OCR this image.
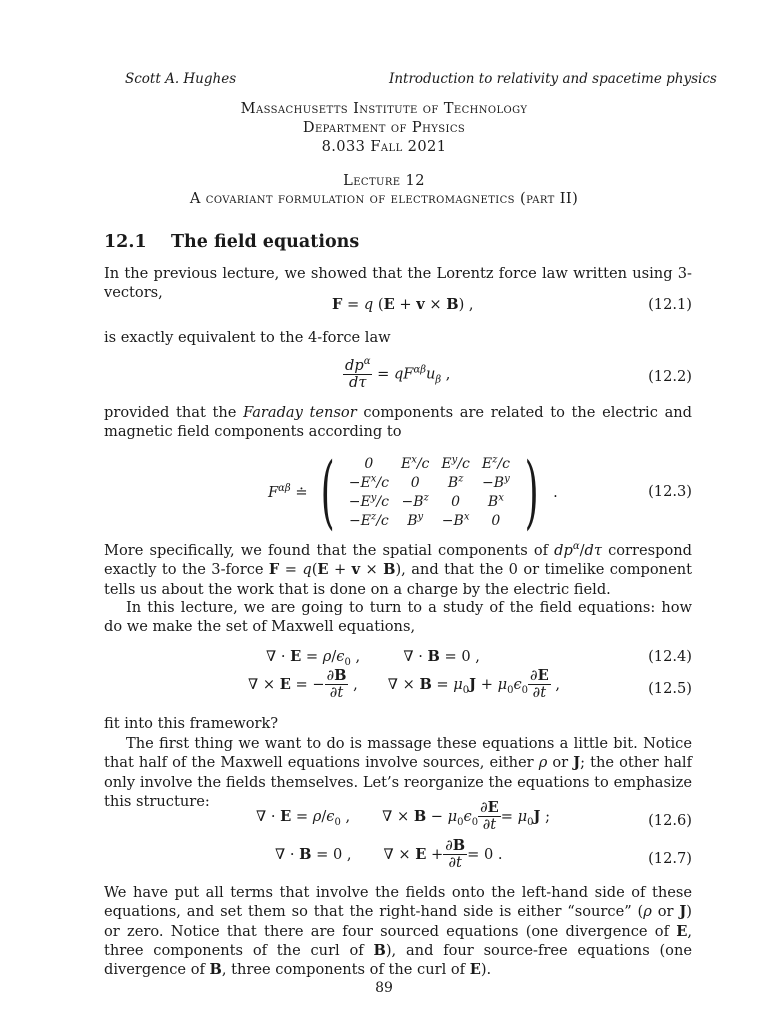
Scott A. Hughes	Introduction to relativity and spacetime physics
Massachusetts Institute of Technology
Department of Physics
8.033 Fall 2021
Lecture 12
A covariant formulation of electromagnetics (part II)
12.1 The field equations
In the previous lecture, we showed that the Lorentz force law written using 3-vectors,
F = q (E + v × B) ,	(12.1)
is exactly equivalent to the 4-force law
$\frac{dp^\alpha}{d\tau} = qF^{\alpha\beta}u_\beta$ ,	(12.2)
provided that the Faraday tensor components are related to the electric and magnetic field components according to
$F^{\alpha\beta}$ ≐ ( 0	$E^x/c$	$E^y/c$	$E^z/c$
$-E^x/c$	0	$B^z$	$-B^y$
$-E^y/c$	$-B^z$	0	$B^x$
$-E^z/c$	$B^y$	$-B^x$	0 ) .	(12.3)
More specifically, we found that the spatial components of $dp^\alpha/d\tau$ correspond exactly to the 3-force F = q(E + v × B), and that the 0 or timelike component tells us about the work that is done on a charge by the electric field.
In this lecture, we are going to turn to a study of the field equations: how do we make the set of Maxwell equations,
∇ · $E = \rho/\epsilon_0$ ,  ∇ · B = 0 ,	(12.4)
∇ × E = − $\frac{\partial B}{\partial t}$ , ∇ × $B = \mu_0J + \mu_0\epsilon_0 \frac{\partial E}{\partial t}$ ,	(12.5)
fit into this framework?
The first thing we want to do is massage these equations a little bit. Notice that half of the Maxwell equations involve sources, either ρ or J; the other half only involve the fields themselves. Let’s reorganize the equations to emphasize this structure:
∇ · $E = \rho/\epsilon_0$ , ∇ × $B - \mu_0\epsilon_0 \frac{\partial E}{\partial t} = \mu_0J$ ;	(12.6)
∇ · B = 0 , ∇ × $E + \frac{\partial B}{\partial t} = 0$ .	(12.7)
We have put all terms that involve the fields onto the left-hand side of these equations, and set them so that the right-hand side is either “source” (ρ or J) or zero. Notice that there are four sourced equations (one divergence of E, three components of the curl of B), and four source-free equations (one divergence of B, three components of the curl of E).
89
